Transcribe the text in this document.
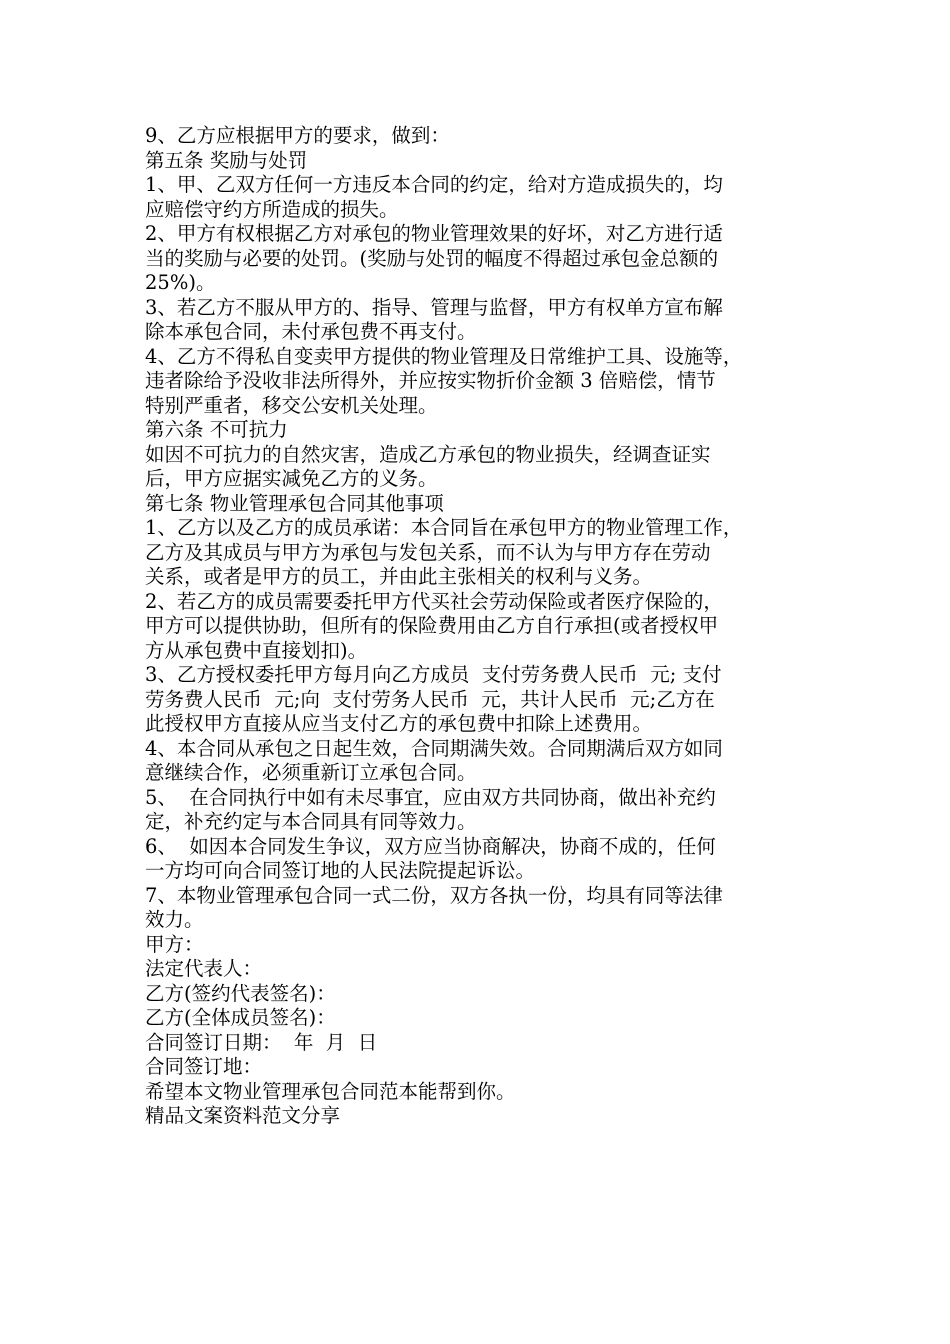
9、乙方应根据甲方的要求，做到：
第五条 奖励与处罚
1、甲、乙双方任何一方违反本合同的约定，给对方造成损失的，均
应赔偿守约方所造成的损失。
2、甲方有权根据乙方对承包的物业管理效果的好坏，对乙方进行适
当的奖励与必要的处罚。(奖励与处罚的幅度不得超过承包金总额的
25%)。
3、若乙方不服从甲方的、指导、管理与监督，甲方有权单方宣布解
除本承包合同，未付承包费不再支付。
4、乙方不得私自变卖甲方提供的物业管理及日常维护工具、设施等，
违者除给予没收非法所得外，并应按实物折价金额 3 倍赔偿，情节
特别严重者，移交公安机关处理。
第六条 不可抗力
如因不可抗力的自然灾害，造成乙方承包的物业损失，经调查证实
后，甲方应据实减免乙方的义务。
第七条 物业管理承包合同其他事项
1、乙方以及乙方的成员承诺：本合同旨在承包甲方的物业管理工作，
乙方及其成员与甲方为承包与发包关系，而不认为与甲方存在劳动
关系，或者是甲方的员工，并由此主张相关的权利与义务。
2、若乙方的成员需要委托甲方代买社会劳动保险或者医疗保险的，
甲方可以提供协助，但所有的保险费用由乙方自行承担(或者授权甲
方从承包费中直接划扣)。
3、乙方授权委托甲方每月向乙方成员  支付劳务费人民币  元; 支付
劳务费人民币  元;向  支付劳务人民币  元，共计人民币  元;乙方在
此授权甲方直接从应当支付乙方的承包费中扣除上述费用。
4、本合同从承包之日起生效，合同期满失效。合同期满后双方如同
意继续合作，必须重新订立承包合同。
5、  在合同执行中如有未尽事宜，应由双方共同协商，做出补充约
定，补充约定与本合同具有同等效力。
6、  如因本合同发生争议，双方应当协商解决，协商不成的，任何
一方均可向合同签订地的人民法院提起诉讼。
7、本物业管理承包合同一式二份，双方各执一份，均具有同等法律
效力。
甲方：
法定代表人：
乙方(签约代表签名)：
乙方(全体成员签名)：
合同签订日期：  年  月  日
合同签订地：
希望本文物业管理承包合同范本能帮到你。
精品文案资料范文分享
